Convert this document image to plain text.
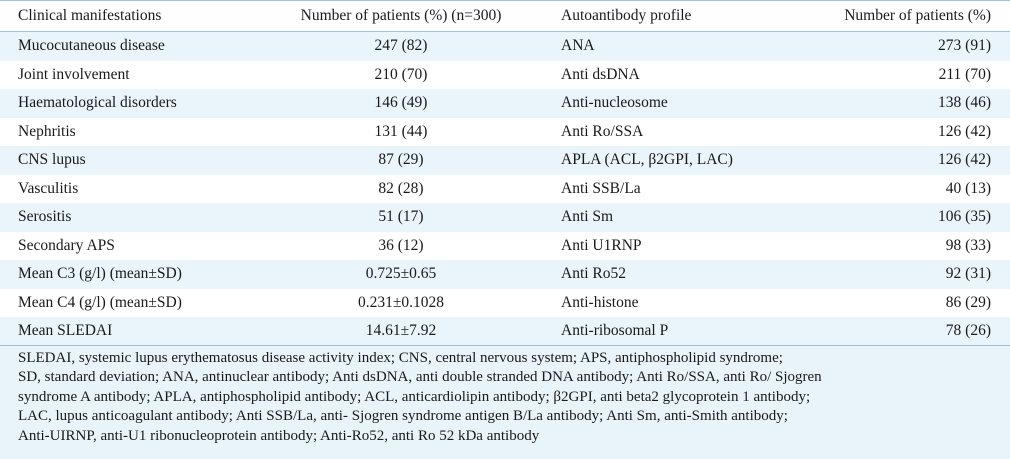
Clinical manifestations	Number of patients (%) (n=300)	Autoantibody profile	Number of patients (%)
Mucocutaneous disease	247 (82)	ANA	273 (91)
Joint involvement	210 (70)	Anti dsDNA	211 (70)
Haematological disorders	146 (49)	Anti-nucleosome	138 (46)
Nephritis	131 (44)	Anti Ro/SSA	126 (42)
CNS lupus	87 (29)	APLA (ACL, β2GPI, LAC)	126 (42)
Vasculitis	82 (28)	Anti SSB/La	40 (13)
Serositis	51 (17)	Anti Sm	106 (35)
Secondary APS	36 (12)	Anti U1RNP	98 (33)
Mean C3 (g/l) (mean±SD)	0.725±0.65	Anti Ro52	92 (31)
Mean C4 (g/l) (mean±SD)	0.231±0.1028	Anti-histone	86 (29)
Mean SLEDAI	14.61±7.92	Anti-ribosomal P	78 (26)
SLEDAI, systemic lupus erythematosus disease activity index; CNS, central nervous system; APS, antiphospholipid syndrome;
SD, standard deviation; ANA, antinuclear antibody; Anti dsDNA, anti double stranded DNA antibody; Anti Ro/SSA, anti Ro/ Sjogren
syndrome A antibody; APLA, antiphospholipid antibody; ACL, anticardiolipin antibody; β2GPI, anti beta2 glycoprotein 1 antibody;
LAC, lupus anticoagulant antibody; Anti SSB/La, anti- Sjogren syndrome antigen B/La antibody; Anti Sm, anti-Smith antibody;
Anti-UIRNP, anti-U1 ribonucleoprotein antibody; Anti-Ro52, anti Ro 52 kDa antibody
